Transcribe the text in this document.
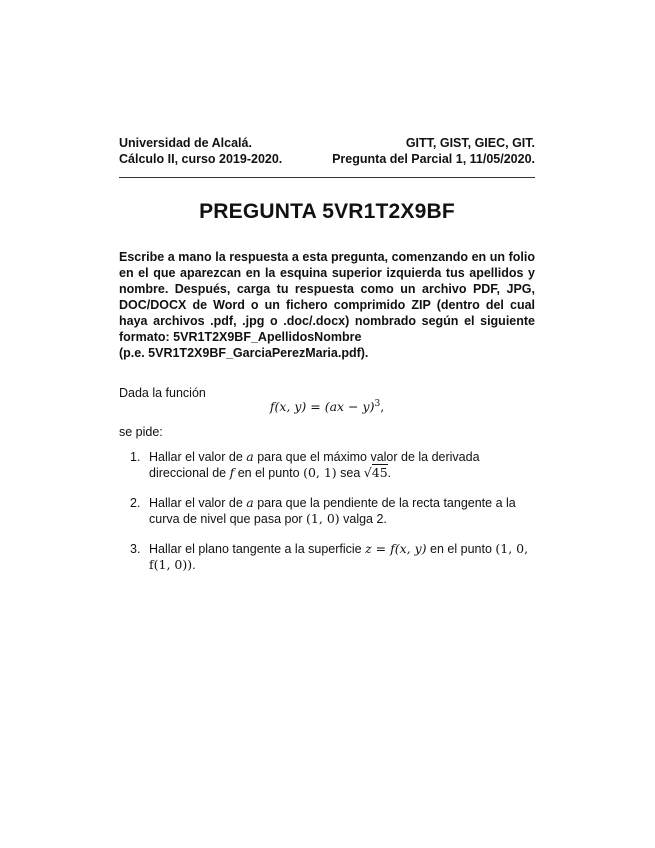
Universidad de Alcalá.	GITT, GIST, GIEC, GIT.
Cálculo II, curso 2019-2020.	Pregunta del Parcial 1, 11/05/2020.
PREGUNTA 5VR1T2X9BF

Escribe a mano la respuesta a esta pregunta, comenzando en un folio en el que aparezcan en la esquina superior izquierda tus apellidos y nombre. Después, carga tu respuesta como un archivo PDF, JPG, DOC/DOCX de Word o un fichero comprimido ZIP (dentro del cual haya archivos .pdf, .jpg o .doc/.docx) nombrado según el siguiente formato: 5VR1T2X9BF_ApellidosNombre

(p.e. 5VR1T2X9BF_GarciaPerezMaria.pdf).

Dada la función
f(x, y) = (ax − y)$^3$,
se pide:
1. Hallar el valor de a para que el máximo valor de la derivada direccional de f en el punto (0, 1) sea √45.
2. Hallar el valor de a para que la pendiente de la recta tangente a la curva de nivel que pasa por (1, 0) valga 2.
3. Hallar el plano tangente a la superficie z = f(x, y) en el punto (1, 0, f(1, 0)).
